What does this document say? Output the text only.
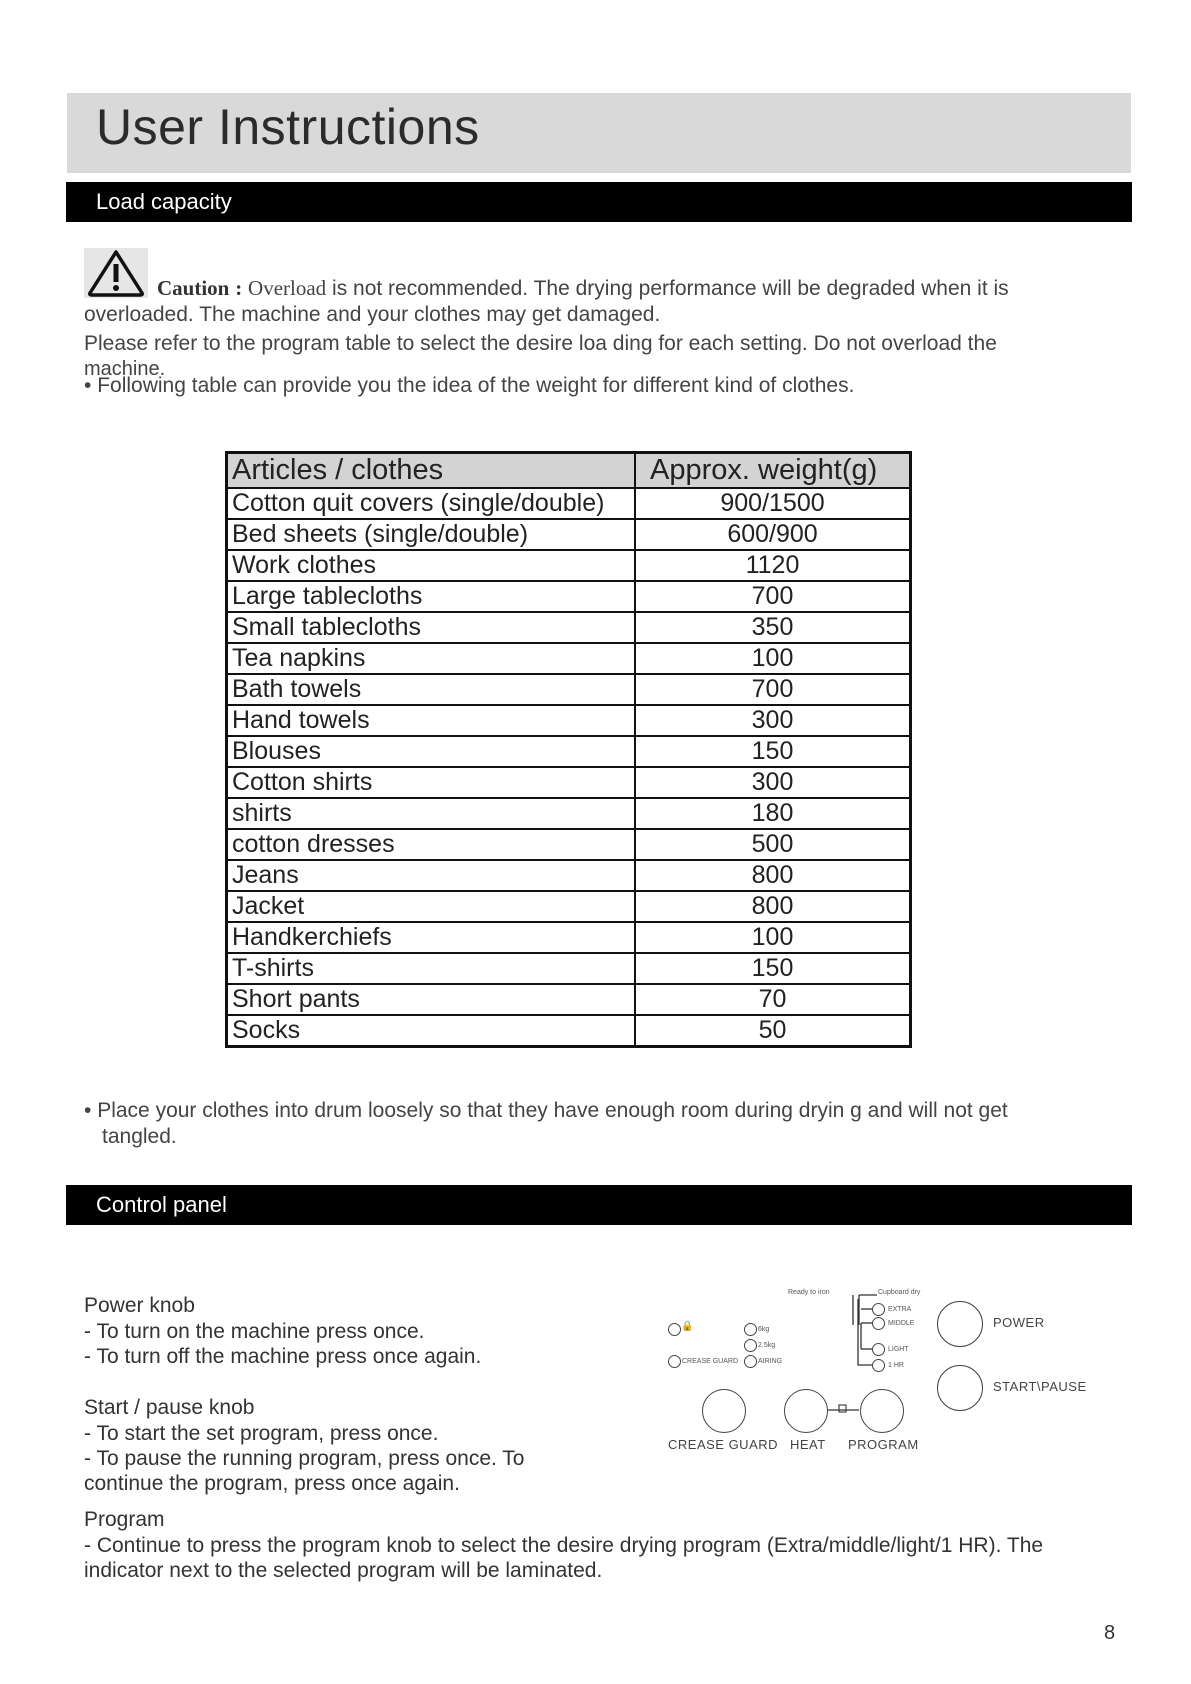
User Instructions
Load capacity
Caution : Overload is not recommended. The drying performance will be degraded when it is
overloaded. The machine and your clothes may get damaged.
Please refer to the program table to select the desire loa ding for each setting. Do not overload the
machine.
• Following table can provide you the idea of the weight for different kind of clothes.
Articles / clothes	Approx. weight(g)
Cotton quit covers (single/double)	900/1500
Bed sheets (single/double)	600/900
Work clothes	1120
Large tablecloths	700
Small tablecloths	350
Tea napkins	100
Bath towels	700
Hand towels	300
Blouses	150
Cotton shirts	300
shirts	180
cotton dresses	500
Jeans	800
Jacket	800
Handkerchiefs	100
T-shirts	150
Short pants	70
Socks	50
• Place your clothes into drum loosely so that they have enough room during dryin g and will not get
tangled.
Control panel
Power knob
- To turn on the machine press once.
- To turn off the machine press once again.
Start / pause knob
- To start the set program, press once.
- To pause the running program, press once. To
continue the program, press once again.
Program
- Continue to press the program knob to select the desire drying program (Extra/middle/light/1 HR). The
indicator next to the selected program will be laminated.
Ready to iron	Cupboard dry
EXTRA
MIDDLE
LIGHT
1 HR
🔒	6kg
2.5kg
CREASE GUARD	AIRING
POWER
START\PAUSE
CREASE GUARD HEAT PROGRAM
8
